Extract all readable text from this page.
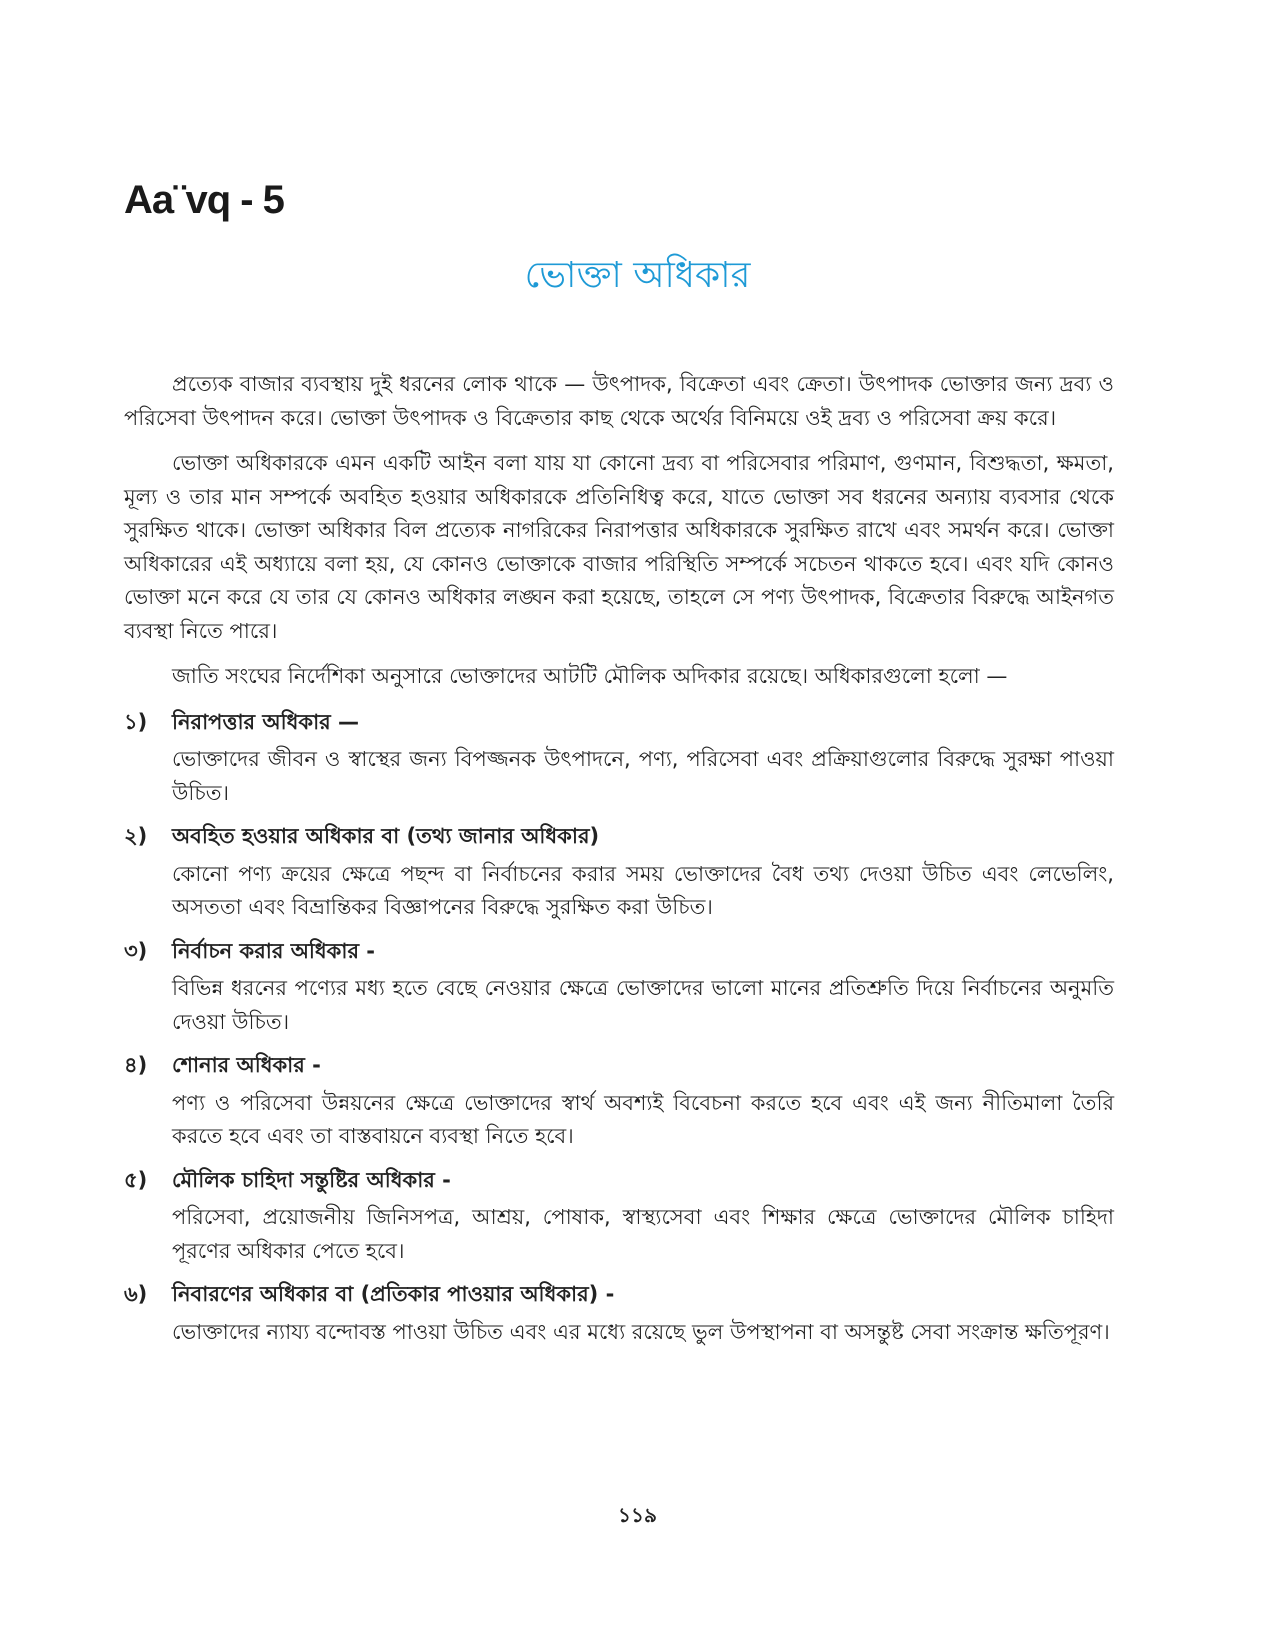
Aa¨vq - 5
ভোক্তা অধিকার

প্রত্যেক বাজার ব্যবস্থায় দুই ধরনের লোক থাকে — উৎপাদক, বিক্রেতা এবং ক্রেতা। উৎপাদক ভোক্তার জন্য দ্রব্য ও পরিসেবা উৎপাদন করে। ভোক্তা উৎপাদক ও বিক্রেতার কাছ থেকে অর্থের বিনিময়ে ওই দ্রব্য ও পরিসেবা ক্রয় করে।

ভোক্তা অধিকারকে এমন একটি আইন বলা যায় যা কোনো দ্রব্য বা পরিসেবার পরিমাণ, গুণমান, বিশুদ্ধতা, ক্ষমতা, মূল্য ও তার মান সম্পর্কে অবহিত হওয়ার অধিকারকে প্রতিনিধিত্ব করে, যাতে ভোক্তা সব ধরনের অন্যায় ব্যবসার থেকে সুরক্ষিত থাকে। ভোক্তা অধিকার বিল প্রত্যেক নাগরিকের নিরাপত্তার অধিকারকে সুরক্ষিত রাখে এবং সমর্থন করে। ভোক্তা অধিকারের এই অধ্যায়ে বলা হয়, যে কোনও ভোক্তাকে বাজার পরিস্থিতি সম্পর্কে সচেতন থাকতে হবে। এবং যদি কোনও ভোক্তা মনে করে যে তার যে কোনও অধিকার লঙ্ঘন করা হয়েছে, তাহলে সে পণ্য উৎপাদক, বিক্রেতার বিরুদ্ধে আইনগত ব্যবস্থা নিতে পারে।

জাতি সংঘের নির্দেশিকা অনুসারে ভোক্তাদের আটটি মৌলিক অদিকার রয়েছে। অধিকারগুলো হলো —

১)	নিরাপত্তার অধিকার —

ভোক্তাদের জীবন ও স্বাস্থের জন্য বিপজ্জনক উৎপাদনে, পণ্য, পরিসেবা এবং প্রক্রিয়াগুলোর বিরুদ্ধে সুরক্ষা পাওয়া উচিত।

২)	অবহিত হওয়ার অধিকার বা (তথ্য জানার অধিকার)

কোনো পণ্য ক্রয়ের ক্ষেত্রে পছন্দ বা নির্বাচনের করার সময় ভোক্তাদের বৈধ তথ্য দেওয়া উচিত এবং লেভেলিং, অসততা এবং বিভ্রান্তিকর বিজ্ঞাপনের বিরুদ্ধে সুরক্ষিত করা উচিত।

৩)	নির্বাচন করার অধিকার -

বিভিন্ন ধরনের পণ্যের মধ্য হতে বেছে নেওয়ার ক্ষেত্রে ভোক্তাদের ভালো মানের প্রতিশ্রুতি দিয়ে নির্বাচনের অনুমতি দেওয়া উচিত।

৪)	শোনার অধিকার -

পণ্য ও পরিসেবা উন্নয়নের ক্ষেত্রে ভোক্তাদের স্বার্থ অবশ্যই বিবেচনা করতে হবে এবং এই জন্য নীতিমালা তৈরি করতে হবে এবং তা বাস্তবায়নে ব্যবস্থা নিতে হবে।

৫)	মৌলিক চাহিদা সন্তুষ্টির অধিকার -

পরিসেবা, প্রয়োজনীয় জিনিসপত্র, আশ্রয়, পোষাক, স্বাস্থ্যসেবা এবং শিক্ষার ক্ষেত্রে ভোক্তাদের মৌলিক চাহিদা পূরণের অধিকার পেতে হবে।

৬)	নিবারণের অধিকার বা (প্রতিকার পাওয়ার অধিকার) -

ভোক্তাদের ন্যায্য বন্দোবস্ত পাওয়া উচিত এবং এর মধ্যে রয়েছে ভুল উপস্থাপনা বা অসন্তুষ্ট সেবা সংক্রান্ত ক্ষতিপূরণ।

১১৯
